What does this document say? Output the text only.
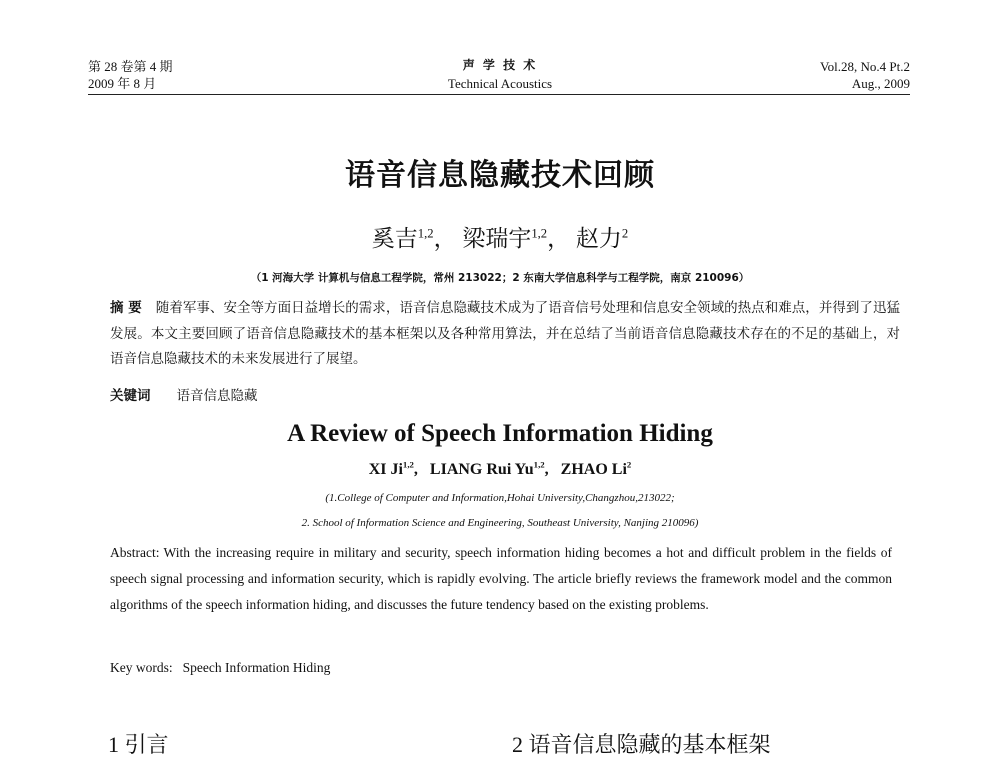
第 28 卷第 4 期
2009 年 8 月
声 学 技 术
Technical Acoustics
Vol.28, No.4 Pt.2
Aug., 2009
语音信息隐藏技术回顾
奚吉$^{1,2}$， 梁瑞宇$^{1,2}$， 赵力$^2$
（1 河海大学 计算机与信息工程学院，常州 213022；2 东南大学信息科学与工程学院，南京 210096）
摘 要 随着军事、安全等方面日益增长的需求，语音信息隐藏技术成为了语音信号处理和信息安全领域的热点和难点，并得到了迅猛发展。本文主要回顾了语音信息隐藏技术的基本框架以及各种常用算法，并在总结了当前语音信息隐藏技术存在的不足的基础上，对语音信息隐藏技术的未来发展进行了展望。
关键词 语音信息隐藏
A Review of Speech Information Hiding
XI Ji$^{1,2}$,   LIANG Rui Yu$^{1,2}$,   ZHAO Li$^2$
(1.College of Computer and Information,Hohai University,Changzhou,213022;
2. School of Information Science and Engineering, Southeast University, Nanjing 210096)
Abstract: With the increasing require in military and security, speech information hiding becomes a hot and difficult problem in the fields of speech signal processing and information security, which is rapidly evolving. The article briefly reviews the framework model and the common algorithms of the speech information hiding, and discusses the future tendency based on the existing problems.
Key words: Speech Information Hiding
1 引言	2 语音信息隐藏的基本框架
